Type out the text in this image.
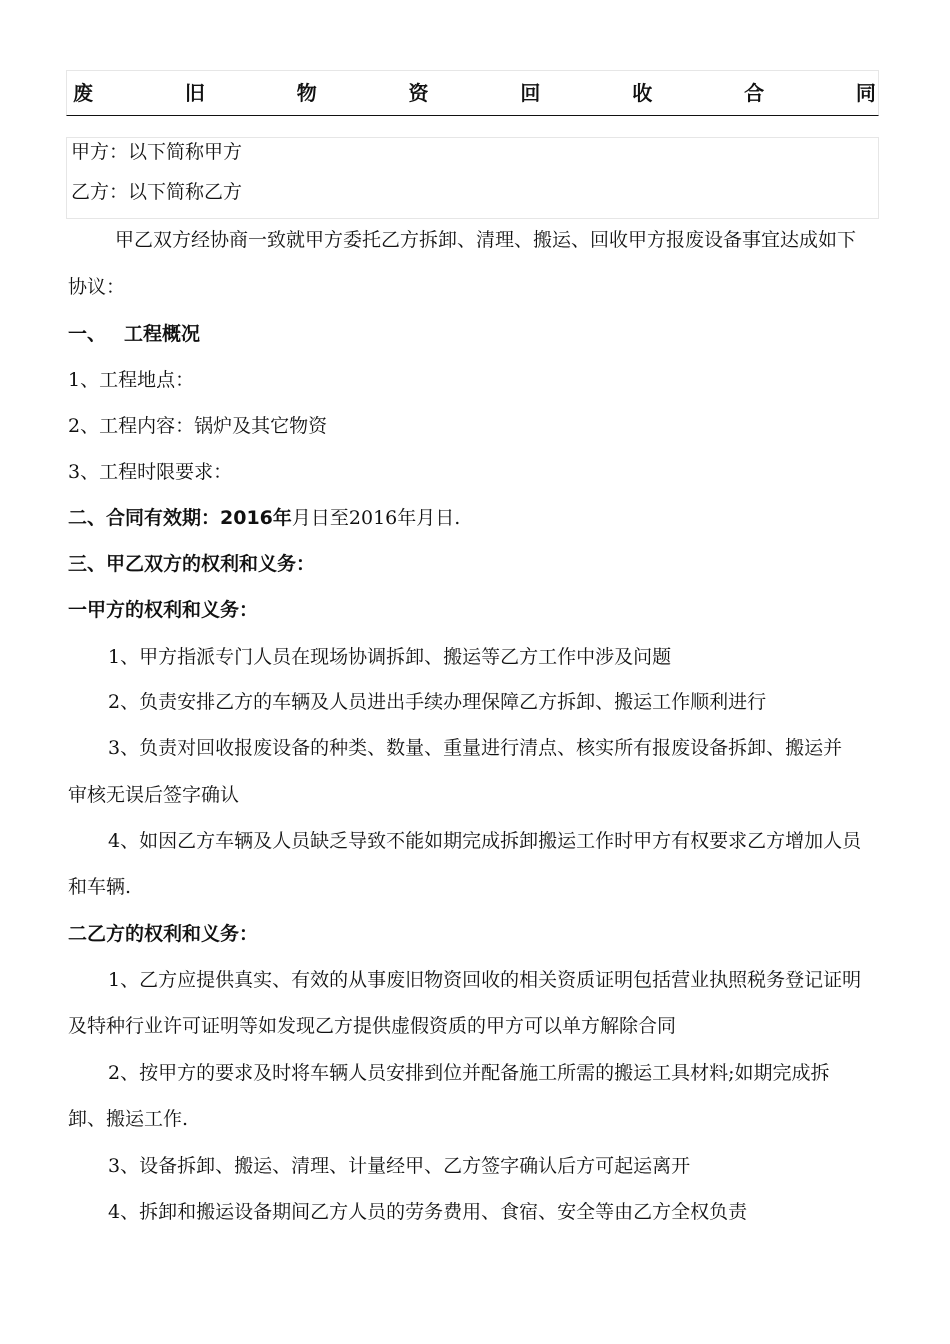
废	旧	物	资	回	收	合	同
甲方：以下简称甲方
乙方：以下简称乙方
甲乙双方经协商一致就甲方委托乙方拆卸、清理、搬运、回收甲方报废设备事宜达成如下
协议：
一、 工程概况
1、工程地点：
2、工程内容：锅炉及其它物资
3、工程时限要求：
二、合同有效期：2016年月日至2016年月日.
三、甲乙双方的权利和义务：
一甲方的权利和义务：
1、甲方指派专门人员在现场协调拆卸、搬运等乙方工作中涉及问题
2、负责安排乙方的车辆及人员进出手续办理保障乙方拆卸、搬运工作顺利进行
3、负责对回收报废设备的种类、数量、重量进行清点、核实所有报废设备拆卸、搬运并
审核无误后签字确认
4、如因乙方车辆及人员缺乏导致不能如期完成拆卸搬运工作时甲方有权要求乙方增加人员
和车辆.
二乙方的权利和义务：
1、乙方应提供真实、有效的从事废旧物资回收的相关资质证明包括营业执照税务登记证明
及特种行业许可证明等如发现乙方提供虚假资质的甲方可以单方解除合同
2、按甲方的要求及时将车辆人员安排到位并配备施工所需的搬运工具材料;如期完成拆
卸、搬运工作.
3、设备拆卸、搬运、清理、计量经甲、乙方签字确认后方可起运离开
4、拆卸和搬运设备期间乙方人员的劳务费用、食宿、安全等由乙方全权负责
